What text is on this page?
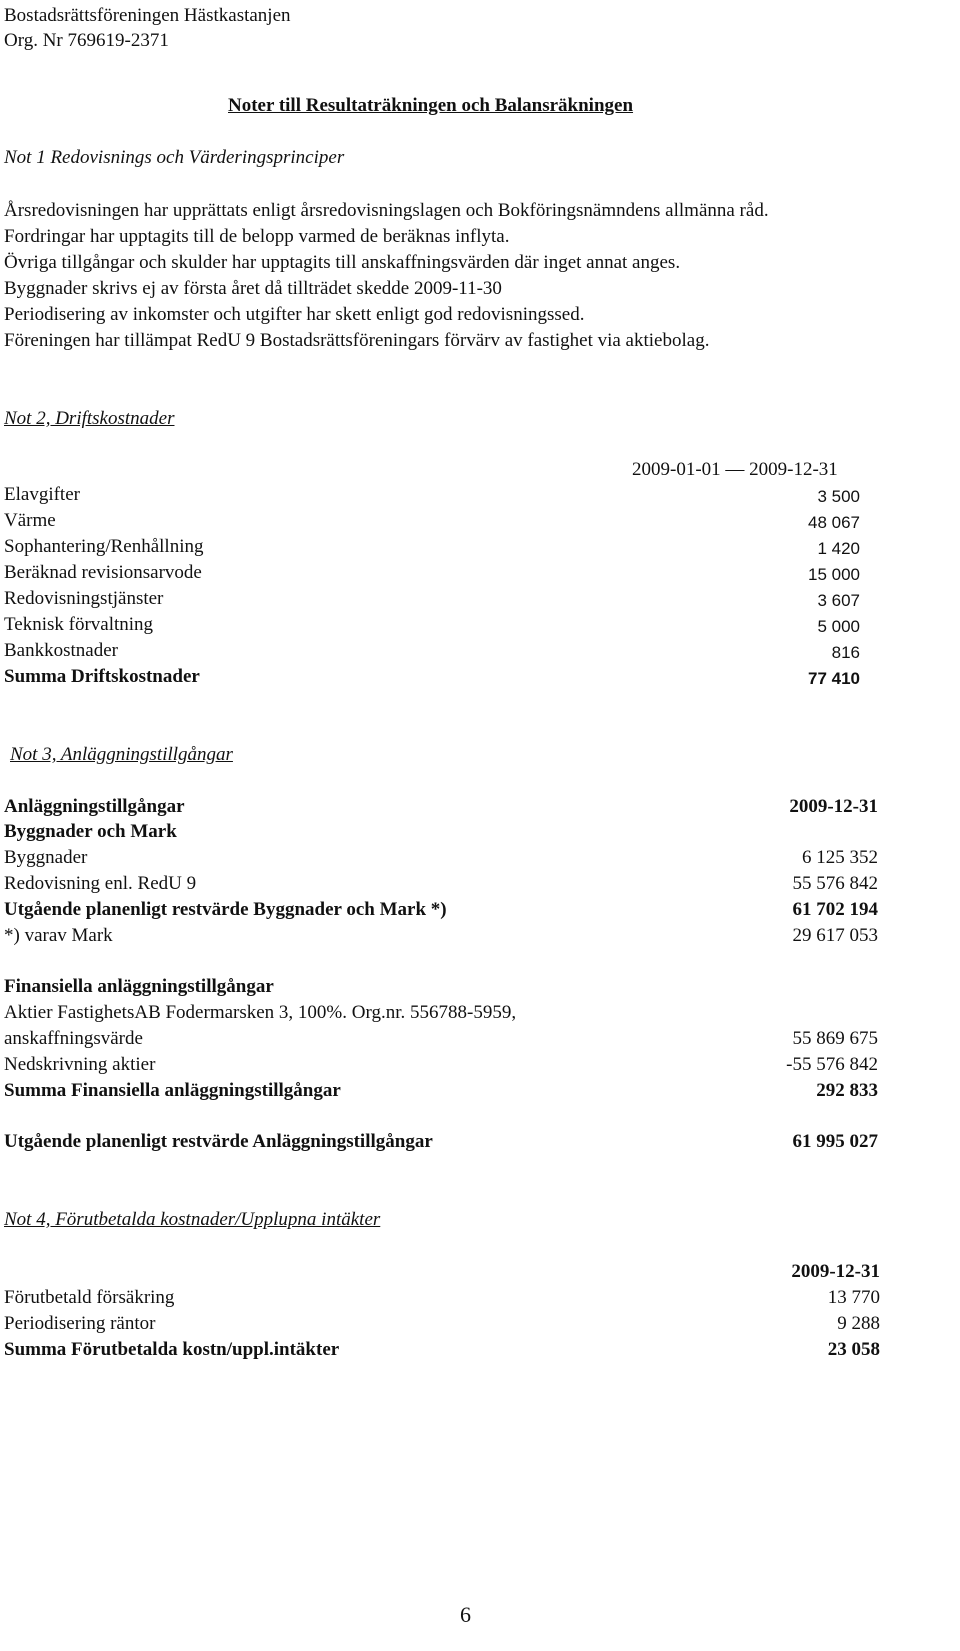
Bostadsrättsföreningen Hästkastanjen
Org. Nr 769619-2371
Noter till Resultaträkningen och Balansräkningen
Not 1 Redovisnings och Värderingsprinciper
Årsredovisningen har upprättats enligt årsredovisningslagen och Bokföringsnämndens allmänna råd.
Fordringar har upptagits till de belopp varmed de beräknas inflyta.
Övriga tillgångar och skulder har upptagits till anskaffningsvärden där inget annat anges.
Byggnader skrivs ej av första året då tillträdet skedde 2009-11-30
Periodisering av inkomster och utgifter har skett enligt god redovisningssed.
Föreningen har tillämpat RedU 9 Bostadsrättsföreningars förvärv av fastighet via aktiebolag.
Not 2, Driftskostnader
2009-01-01 — 2009-12-31
Elavgifter	3 500
Värme	48 067
Sophantering/Renhållning	1 420
Beräknad revisionsarvode	15 000
Redovisningstjänster	3 607
Teknisk förvaltning	5 000
Bankkostnader	816
Summa Driftskostnader	77 410
Not 3, Anläggningstillgångar
Anläggningstillgångar	2009-12-31
Byggnader och Mark
Byggnader	6 125 352
Redovisning enl. RedU 9	55 576 842
Utgående planenligt restvärde Byggnader och Mark *)	61 702 194
*) varav Mark	29 617 053
Finansiella anläggningstillgångar
Aktier FastighetsAB Fodermarsken 3, 100%. Org.nr. 556788-5959,
anskaffningsvärde	55 869 675
Nedskrivning aktier	-55 576 842
Summa Finansiella anläggningstillgångar	292 833
Utgående planenligt restvärde Anläggningstillgångar	61 995 027
Not 4, Förutbetalda kostnader/Upplupna intäkter
2009-12-31
Förutbetald försäkring	13 770
Periodisering räntor	9 288
Summa Förutbetalda kostn/uppl.intäkter	23 058
6
